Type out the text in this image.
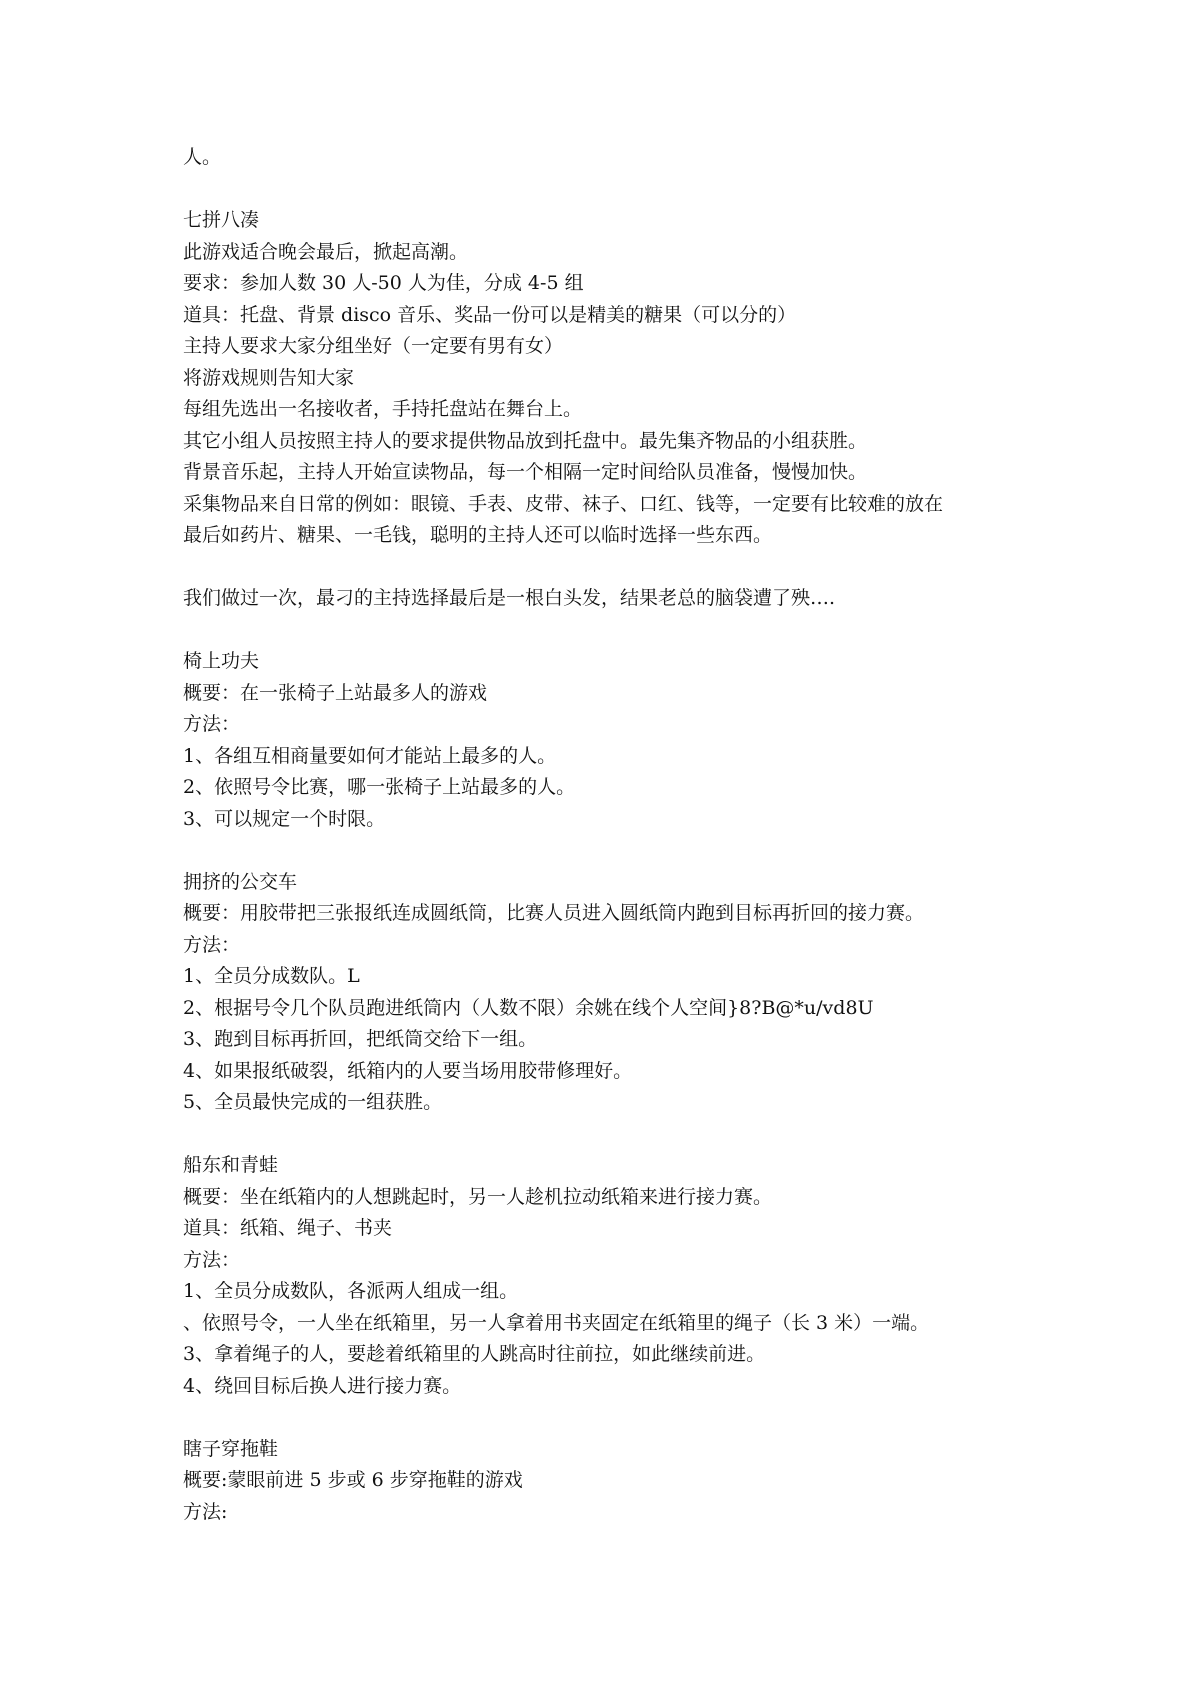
人。
七拼八凑
此游戏适合晚会最后，掀起高潮。
要求：参加人数 30 人-50 人为佳，分成 4-5 组
道具：托盘、背景 disco 音乐、奖品一份可以是精美的糖果（可以分的）
主持人要求大家分组坐好（一定要有男有女）
将游戏规则告知大家
每组先选出一名接收者，手持托盘站在舞台上。
其它小组人员按照主持人的要求提供物品放到托盘中。最先集齐物品的小组获胜。
背景音乐起，主持人开始宣读物品，每一个相隔一定时间给队员准备，慢慢加快。
采集物品来自日常的例如：眼镜、手表、皮带、袜子、口红、钱等，一定要有比较难的放在
最后如药片、糖果、一毛钱，聪明的主持人还可以临时选择一些东西。
我们做过一次，最刁的主持选择最后是一根白头发，结果老总的脑袋遭了殃….
椅上功夫
概要：在一张椅子上站最多人的游戏
方法：
1、各组互相商量要如何才能站上最多的人。
2、依照号令比赛，哪一张椅子上站最多的人。
3、可以规定一个时限。
拥挤的公交车
概要：用胶带把三张报纸连成圆纸筒，比赛人员进入圆纸筒内跑到目标再折回的接力赛。
方法：
1、全员分成数队。L
2、根据号令几个队员跑进纸筒内（人数不限）余姚在线个人空间}8?B@*u/vd8U
3、跑到目标再折回，把纸筒交给下一组。
4、如果报纸破裂，纸箱内的人要当场用胶带修理好。
5、全员最快完成的一组获胜。
船东和青蛙
概要：坐在纸箱内的人想跳起时，另一人趁机拉动纸箱来进行接力赛。
道具：纸箱、绳子、书夹
方法：
1、全员分成数队，各派两人组成一组。
、依照号令，一人坐在纸箱里，另一人拿着用书夹固定在纸箱里的绳子（长 3 米）一端。
3、拿着绳子的人，要趁着纸箱里的人跳高时往前拉，如此继续前进。
4、绕回目标后换人进行接力赛。
瞎子穿拖鞋
概要:蒙眼前进 5 步或 6 步穿拖鞋的游戏
方法:
